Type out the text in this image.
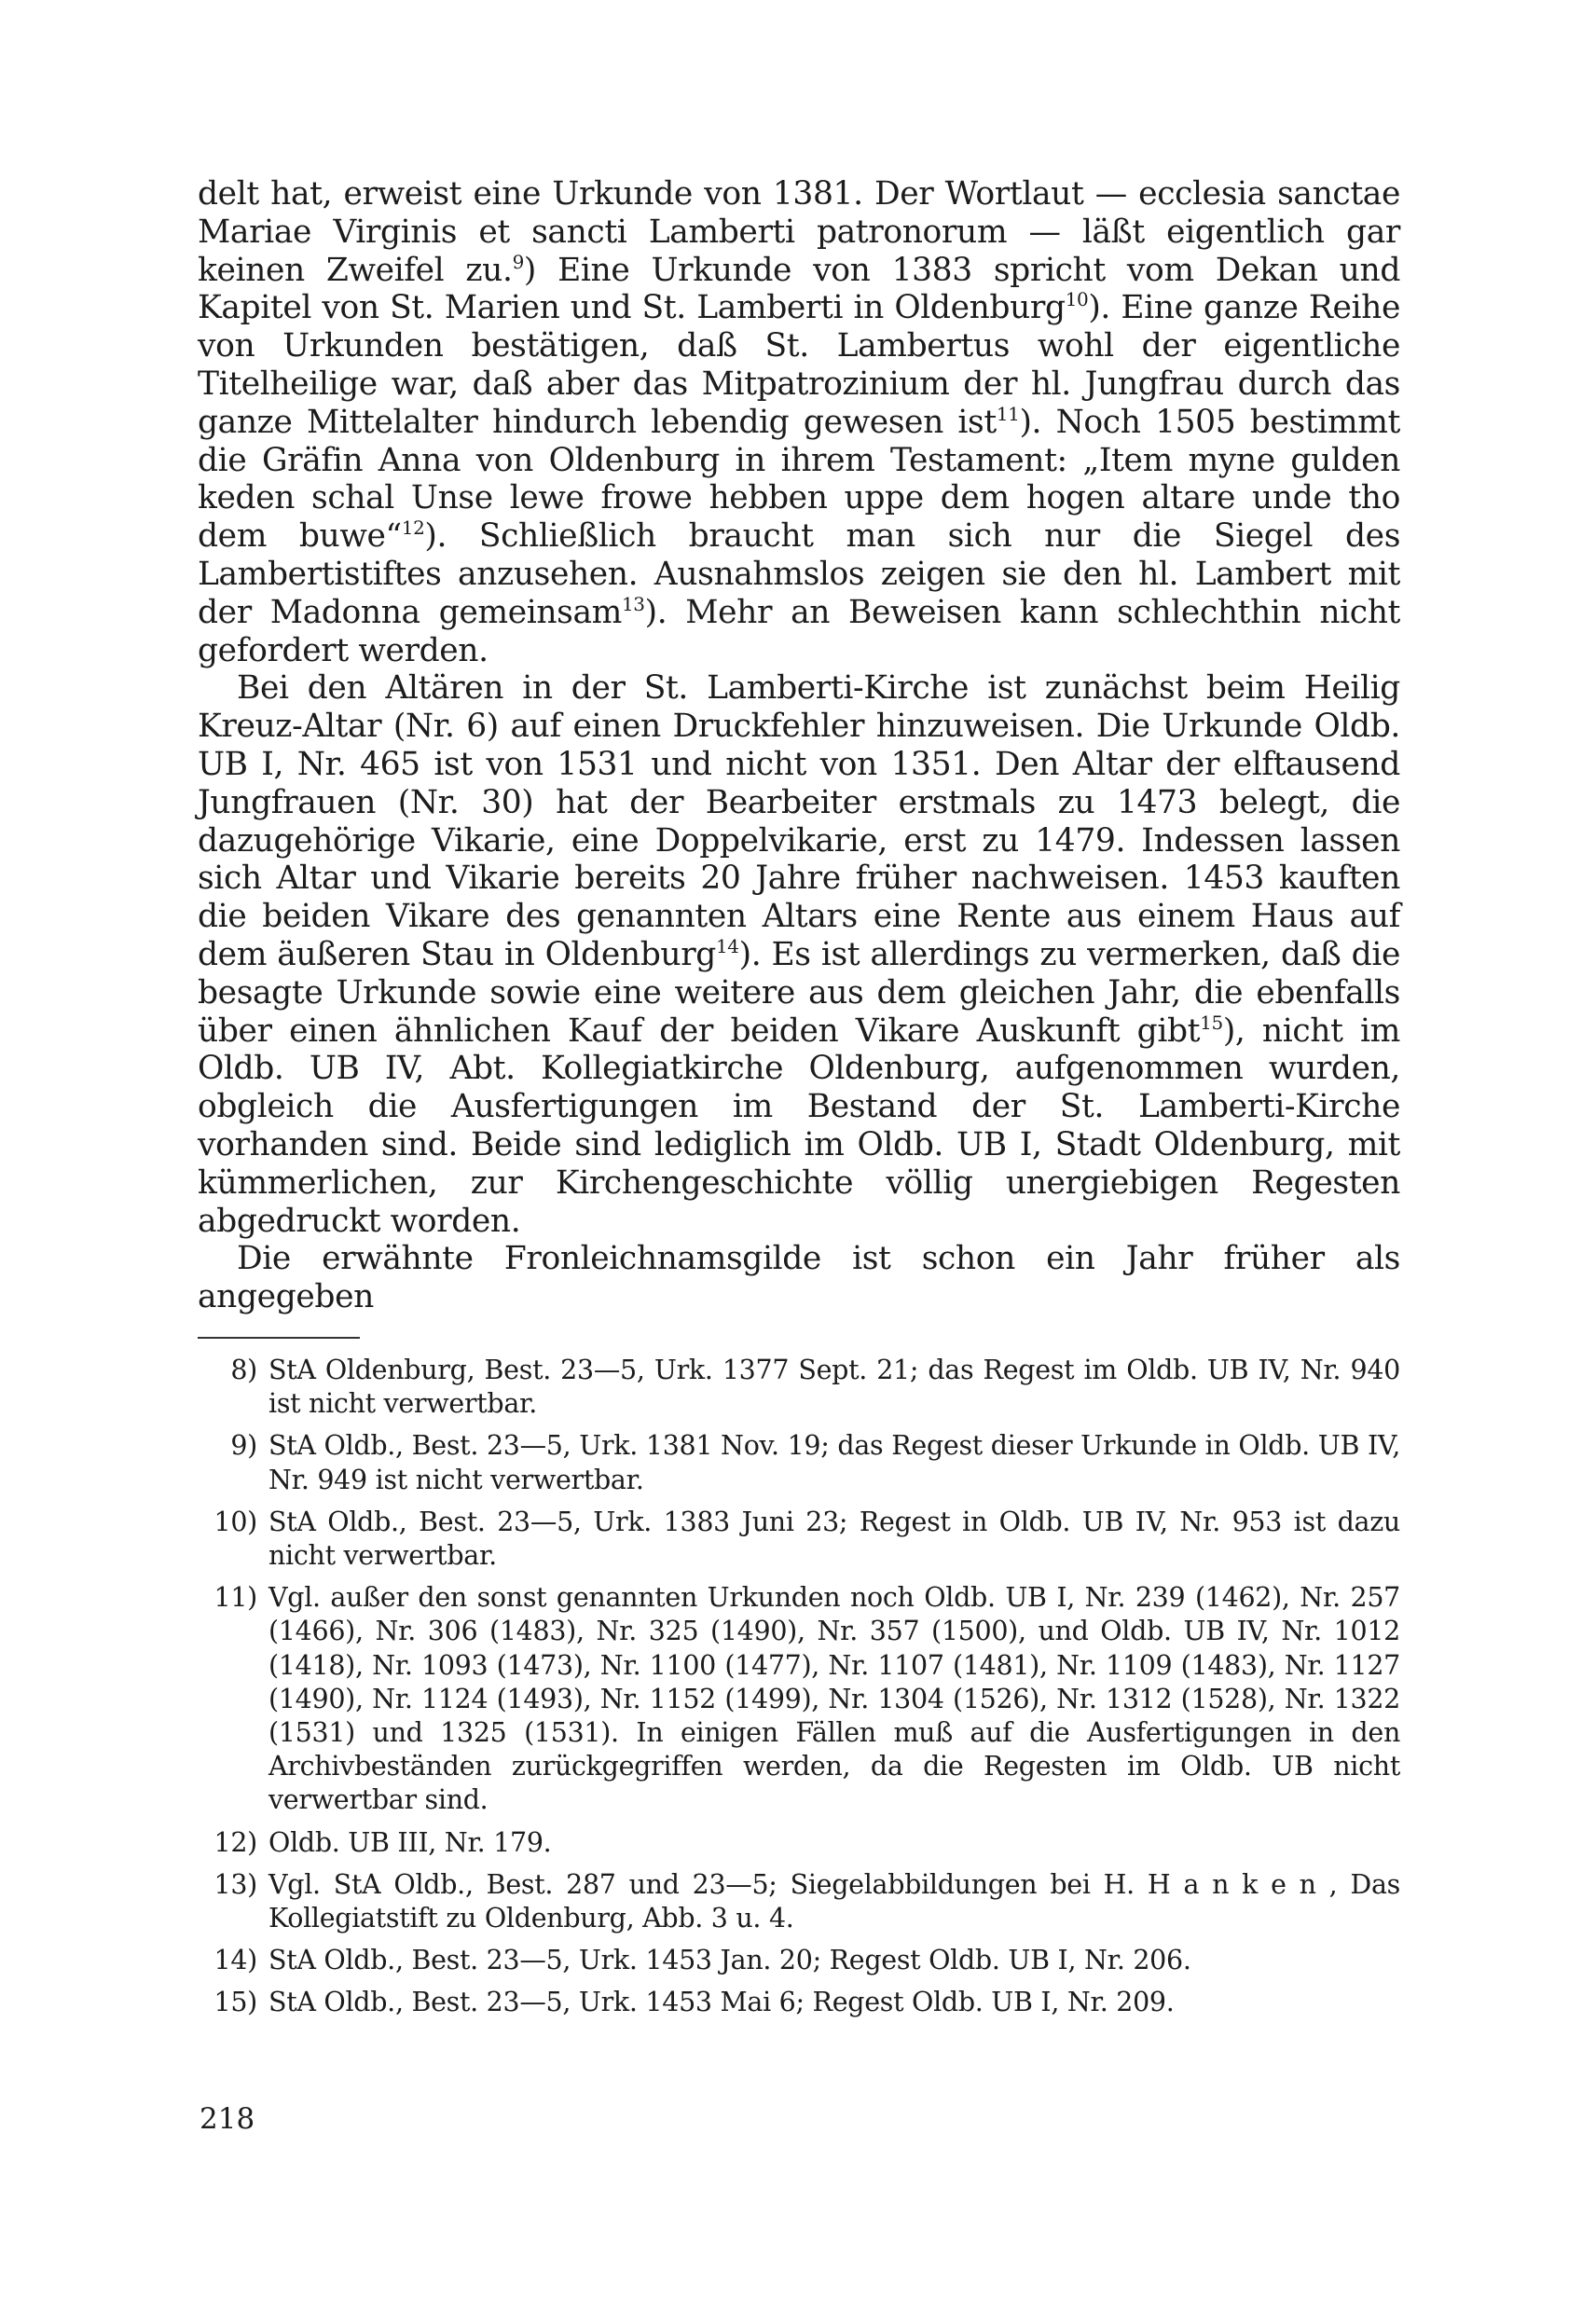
delt hat, erweist eine Urkunde von 1381. Der Wortlaut — ecclesia sanctae Mariae Virginis et sancti Lamberti patronorum — läßt eigentlich gar keinen Zweifel zu.$^9$) Eine Urkunde von 1383 spricht vom Dekan und Kapitel von St. Marien und St. Lamberti in Oldenburg$^{10}$). Eine ganze Reihe von Urkunden bestätigen, daß St. Lambertus wohl der eigentliche Titelheilige war, daß aber das Mitpatrozinium der hl. Jungfrau durch das ganze Mittelalter hindurch lebendig gewesen ist$^{11}$). Noch 1505 bestimmt die Gräfin Anna von Oldenburg in ihrem Testament: „Item myne gulden keden schal Unse lewe frowe hebben uppe dem hogen altare unde tho dem buwe“$^{12}$). Schließlich braucht man sich nur die Siegel des Lambertistiftes anzusehen. Ausnahmslos zeigen sie den hl. Lambert mit der Madonna gemeinsam$^{13}$). Mehr an Beweisen kann schlechthin nicht gefordert werden.

Bei den Altären in der St. Lamberti-Kirche ist zunächst beim Heilig Kreuz-Altar (Nr. 6) auf einen Druckfehler hinzuweisen. Die Urkunde Oldb. UB I, Nr. 465 ist von 1531 und nicht von 1351. Den Altar der elftausend Jungfrauen (Nr. 30) hat der Bearbeiter erstmals zu 1473 belegt, die dazugehörige Vikarie, eine Doppelvikarie, erst zu 1479. Indessen lassen sich Altar und Vikarie bereits 20 Jahre früher nachweisen. 1453 kauften die beiden Vikare des genannten Altars eine Rente aus einem Haus auf dem äußeren Stau in Oldenburg$^{14}$). Es ist allerdings zu vermerken, daß die besagte Urkunde sowie eine weitere aus dem gleichen Jahr, die ebenfalls über einen ähnlichen Kauf der beiden Vikare Auskunft gibt$^{15}$), nicht im Oldb. UB IV, Abt. Kollegiatkirche Oldenburg, aufgenommen wurden, obgleich die Ausfertigungen im Bestand der St. Lamberti-Kirche vorhanden sind. Beide sind lediglich im Oldb. UB I, Stadt Oldenburg, mit kümmerlichen, zur Kirchengeschichte völlig unergiebigen Regesten abgedruckt worden.

Die erwähnte Fronleichnamsgilde ist schon ein Jahr früher als angegeben

8) StA Oldenburg, Best. 23—5, Urk. 1377 Sept. 21; das Regest im Oldb. UB IV, Nr. 940 ist nicht verwertbar.
9) StA Oldb., Best. 23—5, Urk. 1381 Nov. 19; das Regest dieser Urkunde in Oldb. UB IV, Nr. 949 ist nicht verwertbar.
10) StA Oldb., Best. 23—5, Urk. 1383 Juni 23; Regest in Oldb. UB IV, Nr. 953 ist dazu nicht verwertbar.
11) Vgl. außer den sonst genannten Urkunden noch Oldb. UB I, Nr. 239 (1462), Nr. 257 (1466), Nr. 306 (1483), Nr. 325 (1490), Nr. 357 (1500), und Oldb. UB IV, Nr. 1012 (1418), Nr. 1093 (1473), Nr. 1100 (1477), Nr. 1107 (1481), Nr. 1109 (1483), Nr. 1127 (1490), Nr. 1124 (1493), Nr. 1152 (1499), Nr. 1304 (1526), Nr. 1312 (1528), Nr. 1322 (1531) und 1325 (1531). In einigen Fällen muß auf die Ausfertigungen in den Archivbeständen zurückgegriffen werden, da die Regesten im Oldb. UB nicht verwertbar sind.
12) Oldb. UB III, Nr. 179.
13) Vgl. StA Oldb., Best. 287 und 23—5; Siegelabbildungen bei H. H a n k e n , Das Kollegiatstift zu Oldenburg, Abb. 3 u. 4.
14) StA Oldb., Best. 23—5, Urk. 1453 Jan. 20; Regest Oldb. UB I, Nr. 206.
15) StA Oldb., Best. 23—5, Urk. 1453 Mai 6; Regest Oldb. UB I, Nr. 209.
218
